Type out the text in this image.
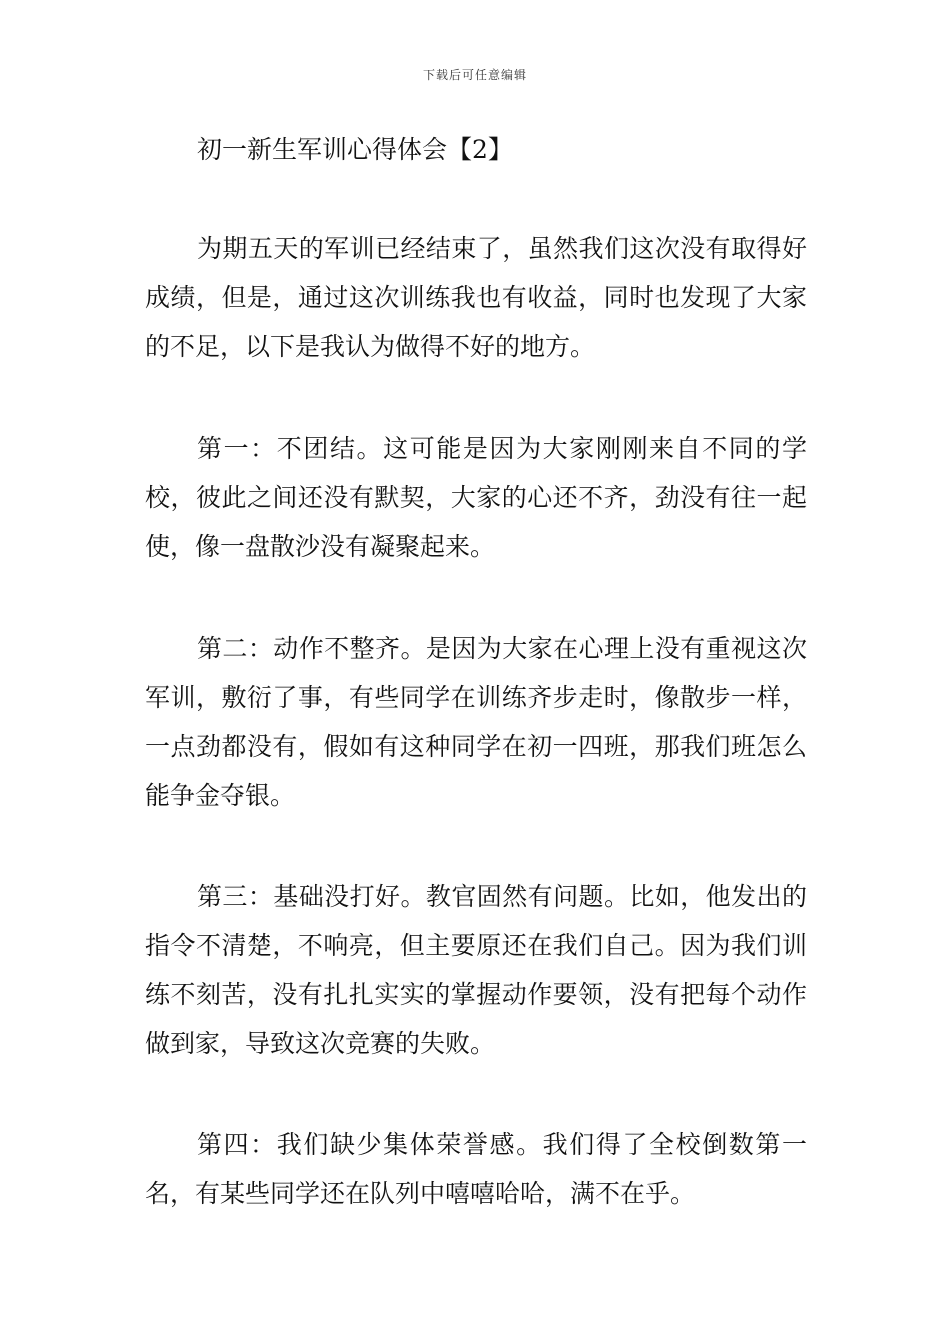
下载后可任意编辑
初一新生军训心得体会【2】

为期五天的军训已经结束了，虽然我们这次没有取得好成绩，但是，通过这次训练我也有收益，同时也发现了大家的不足，以下是我认为做得不好的地方。

第一：不团结。这可能是因为大家刚刚来自不同的学校，彼此之间还没有默契，大家的心还不齐，劲没有往一起使，像一盘散沙没有凝聚起来。

第二：动作不整齐。是因为大家在心理上没有重视这次军训，敷衍了事，有些同学在训练齐步走时，像散步一样，一点劲都没有，假如有这种同学在初一四班，那我们班怎么能争金夺银。

第三：基础没打好。教官固然有问题。比如，他发出的指令不清楚，不响亮，但主要原还在我们自己。因为我们训练不刻苦，没有扎扎实实的掌握动作要领，没有把每个动作做到家，导致这次竞赛的失败。

第四：我们缺少集体荣誉感。我们得了全校倒数第一名，有某些同学还在队列中嘻嘻哈哈，满不在乎。
